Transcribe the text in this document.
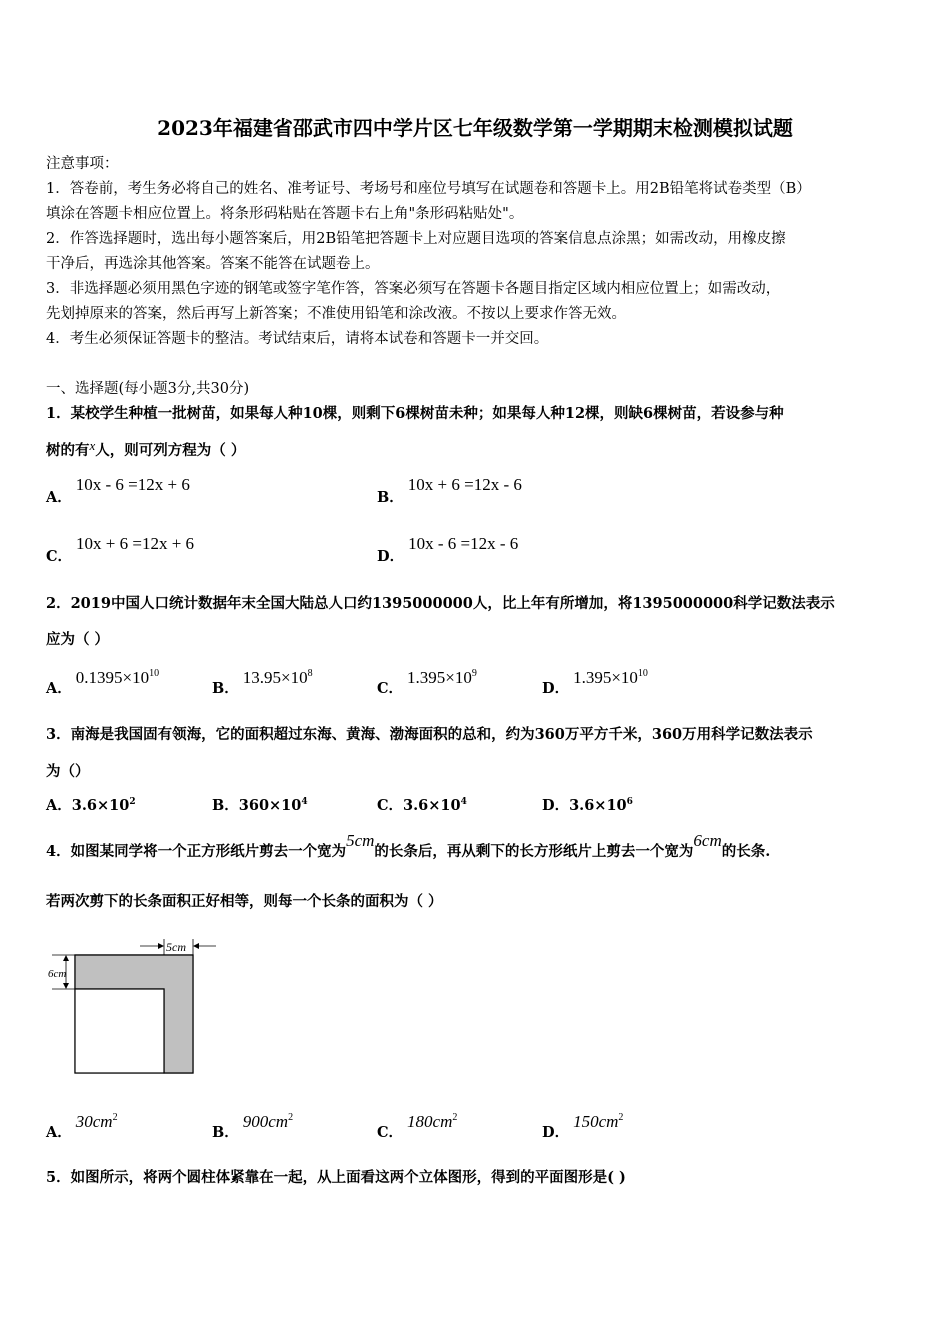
2023年福建省邵武市四中学片区七年级数学第一学期期末检测模拟试题
注意事项：
1．答卷前，考生务必将自己的姓名、准考证号、考场号和座位号填写在试题卷和答题卡上。用2B铅笔将试卷类型（B）
填涂在答题卡相应位置上。将条形码粘贴在答题卡右上角"条形码粘贴处"。
2．作答选择题时，选出每小题答案后，用2B铅笔把答题卡上对应题目选项的答案信息点涂黑；如需改动，用橡皮擦
干净后，再选涂其他答案。答案不能答在试题卷上。
3．非选择题必须用黑色字迹的钢笔或签字笔作答，答案必须写在答题卡各题目指定区域内相应位置上；如需改动，
先划掉原来的答案，然后再写上新答案；不准使用铅笔和涂改液。不按以上要求作答无效。
4．考生必须保证答题卡的整洁。考试结束后，请将本试卷和答题卡一并交回。
一、选择题(每小题3分,共30分)
1．某校学生种植一批树苗，如果每人种10棵，则剩下6棵树苗未种；如果每人种12棵，则缺6棵树苗，若设参与种
树的有x人，则可列方程为（ ）
A．10x - 6 =12x + 6
B．10x + 6 =12x - 6
C．10x + 6 =12x + 6
D．10x - 6 =12x - 6
2．2019中国人口统计数据年末全国大陆总人口约1395000000人，比上年有所增加，将1395000000科学记数法表示
应为（ ）
A．$0.1395\times 10^{10}$
B．$13.95\times 10^8$
C．$1.395\times 10^9$
D．$1.395\times 10^{10}$
3．南海是我国固有领海，它的面积超过东海、黄海、渤海面积的总和，约为360万平方千米，360万用科学记数法表示
为（）
A．$3.6\times 10^2$	B．$360\times 10^4$	C．$3.6\times 10^4$	D．$3.6\times 10^6$
4．如图某同学将一个正方形纸片剪去一个宽为5cm的长条后，再从剩下的长方形纸片上剪去一个宽为6cm的长条.
若两次剪下的长条面积正好相等，则每一个长条的面积为（ ）
5cm
6cm
A．$30cm^2$
B．$900cm^2$
C．$180cm^2$
D．$150cm^2$
5．如图所示，将两个圆柱体紧靠在一起，从上面看这两个立体图形，得到的平面图形是( )
